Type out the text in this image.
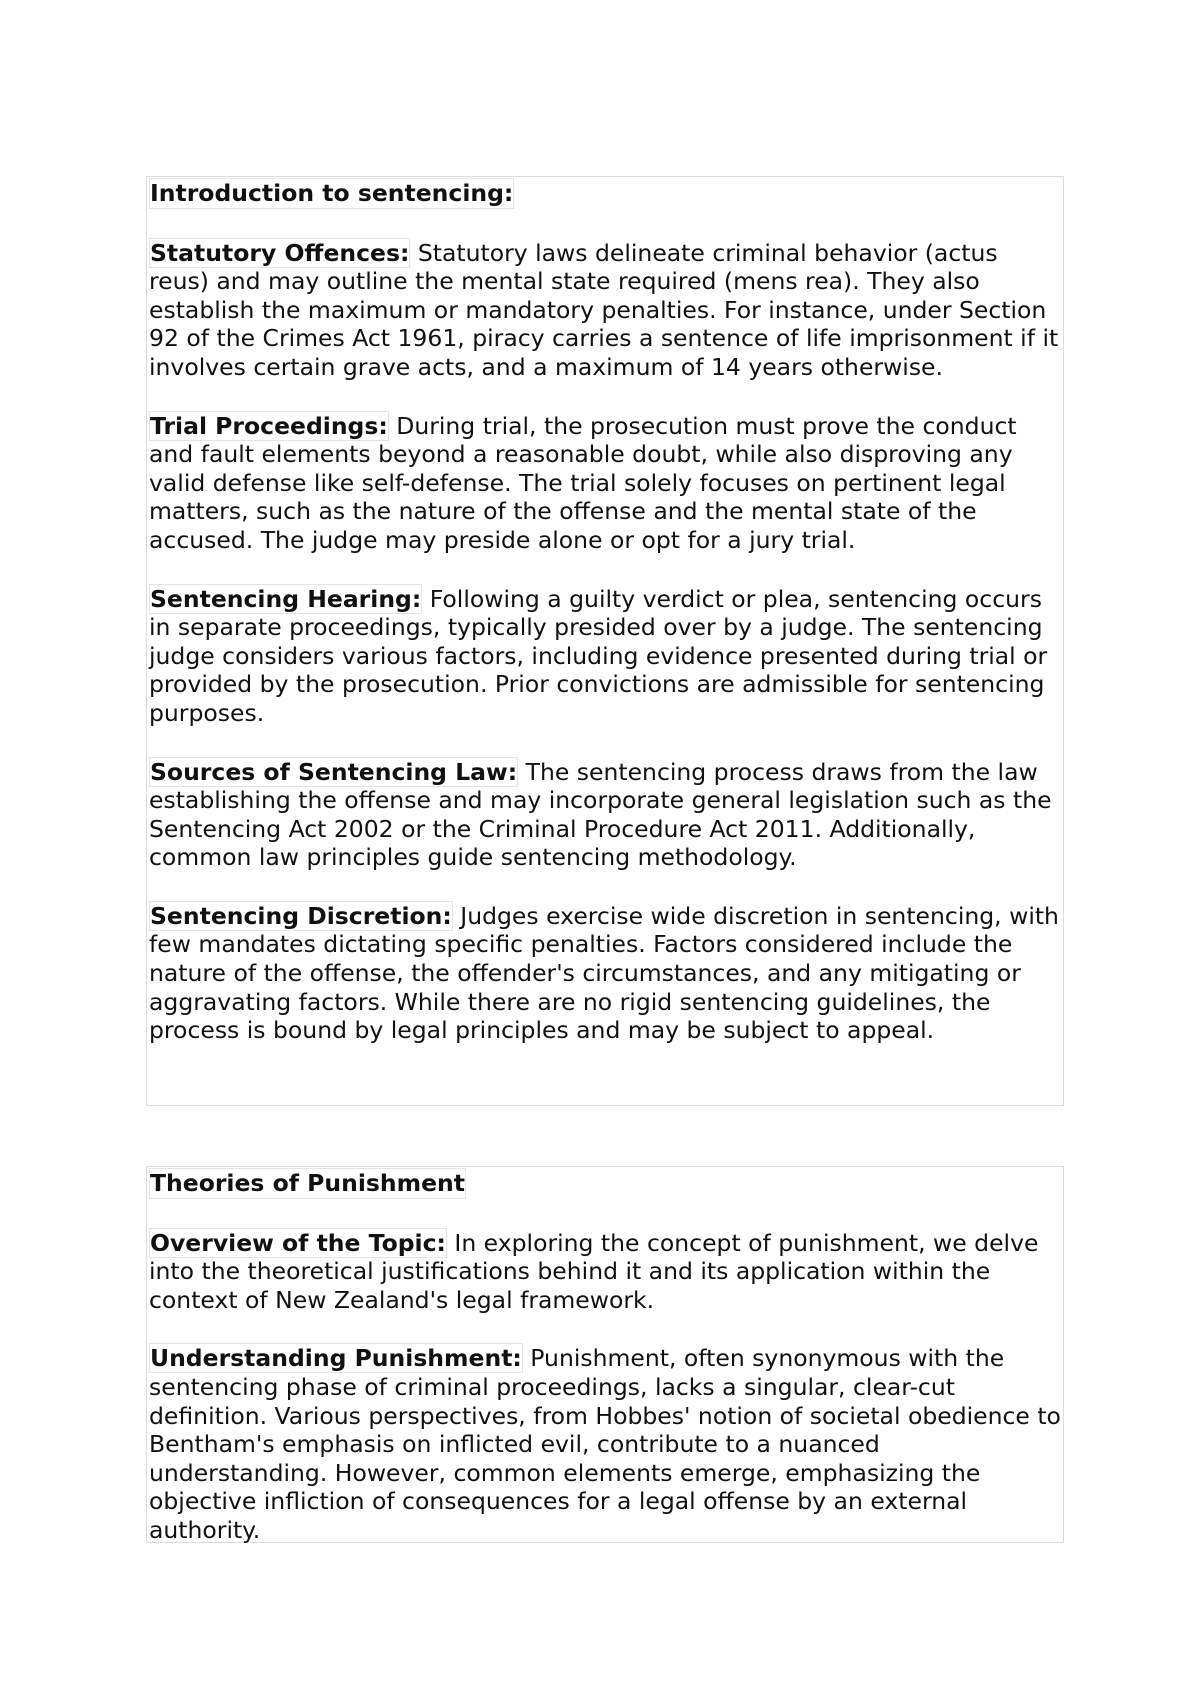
Introduction to sentencing:
Statutory Offences: Statutory laws delineate criminal behavior (actus reus) and may outline the mental state required (mens rea). They also establish the maximum or mandatory penalties. For instance, under Section 92 of the Crimes Act 1961, piracy carries a sentence of life imprisonment if it involves certain grave acts, and a maximum of 14 years otherwise.
Trial Proceedings: During trial, the prosecution must prove the conduct and fault elements beyond a reasonable doubt, while also disproving any valid defense like self-defense. The trial solely focuses on pertinent legal matters, such as the nature of the offense and the mental state of the accused. The judge may preside alone or opt for a jury trial.
Sentencing Hearing: Following a guilty verdict or plea, sentencing occurs in separate proceedings, typically presided over by a judge. The sentencing judge considers various factors, including evidence presented during trial or provided by the prosecution. Prior convictions are admissible for sentencing purposes.
Sources of Sentencing Law: The sentencing process draws from the law establishing the offense and may incorporate general legislation such as the Sentencing Act 2002 or the Criminal Procedure Act 2011. Additionally, common law principles guide sentencing methodology.
Sentencing Discretion: Judges exercise wide discretion in sentencing, with few mandates dictating specific penalties. Factors considered include the nature of the offense, the offender's circumstances, and any mitigating or aggravating factors. While there are no rigid sentencing guidelines, the process is bound by legal principles and may be subject to appeal.
Theories of Punishment
Overview of the Topic: In exploring the concept of punishment, we delve into the theoretical justifications behind it and its application within the context of New Zealand's legal framework.
Understanding Punishment: Punishment, often synonymous with the sentencing phase of criminal proceedings, lacks a singular, clear-cut definition. Various perspectives, from Hobbes' notion of societal obedience to Bentham's emphasis on inflicted evil, contribute to a nuanced understanding. However, common elements emerge, emphasizing the objective infliction of consequences for a legal offense by an external authority.
